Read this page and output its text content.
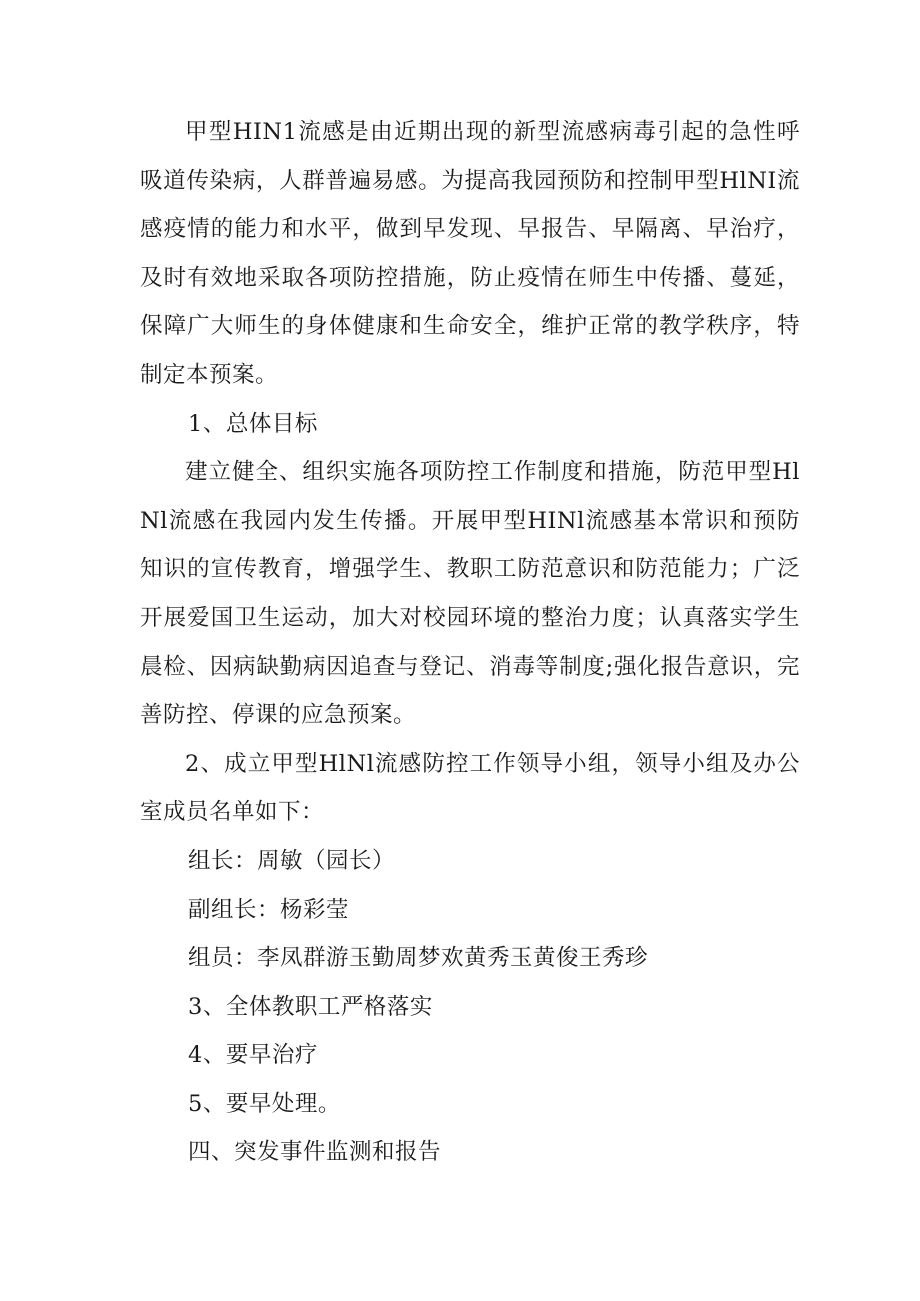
甲型HIN1流感是由近期出现的新型流感病毒引起的急性呼吸道传染病，人群普遍易感。为提高我园预防和控制甲型HlNI流感疫情的能力和水平，做到早发现、早报告、早隔离、早治疗，及时有效地采取各项防控措施，防止疫情在师生中传播、蔓延，保障广大师生的身体健康和生命安全，维护正常的教学秩序，特制定本预案。

1、总体目标

建立健全、组织实施各项防控工作制度和措施，防范甲型HlNl流感在我园内发生传播。开展甲型HINl流感基本常识和预防知识的宣传教育，增强学生、教职工防范意识和防范能力；广泛开展爱国卫生运动，加大对校园环境的整治力度；认真落实学生晨检、因病缺勤病因追查与登记、消毒等制度;强化报告意识，完善防控、停课的应急预案。

2、成立甲型HlNl流感防控工作领导小组，领导小组及办公室成员名单如下：

组长：周敏（园长）

副组长：杨彩莹

组员：李凤群游玉勤周梦欢黄秀玉黄俊王秀珍

3、全体教职工严格落实

4、要早治疗

5、要早处理。

四、突发事件监测和报告
